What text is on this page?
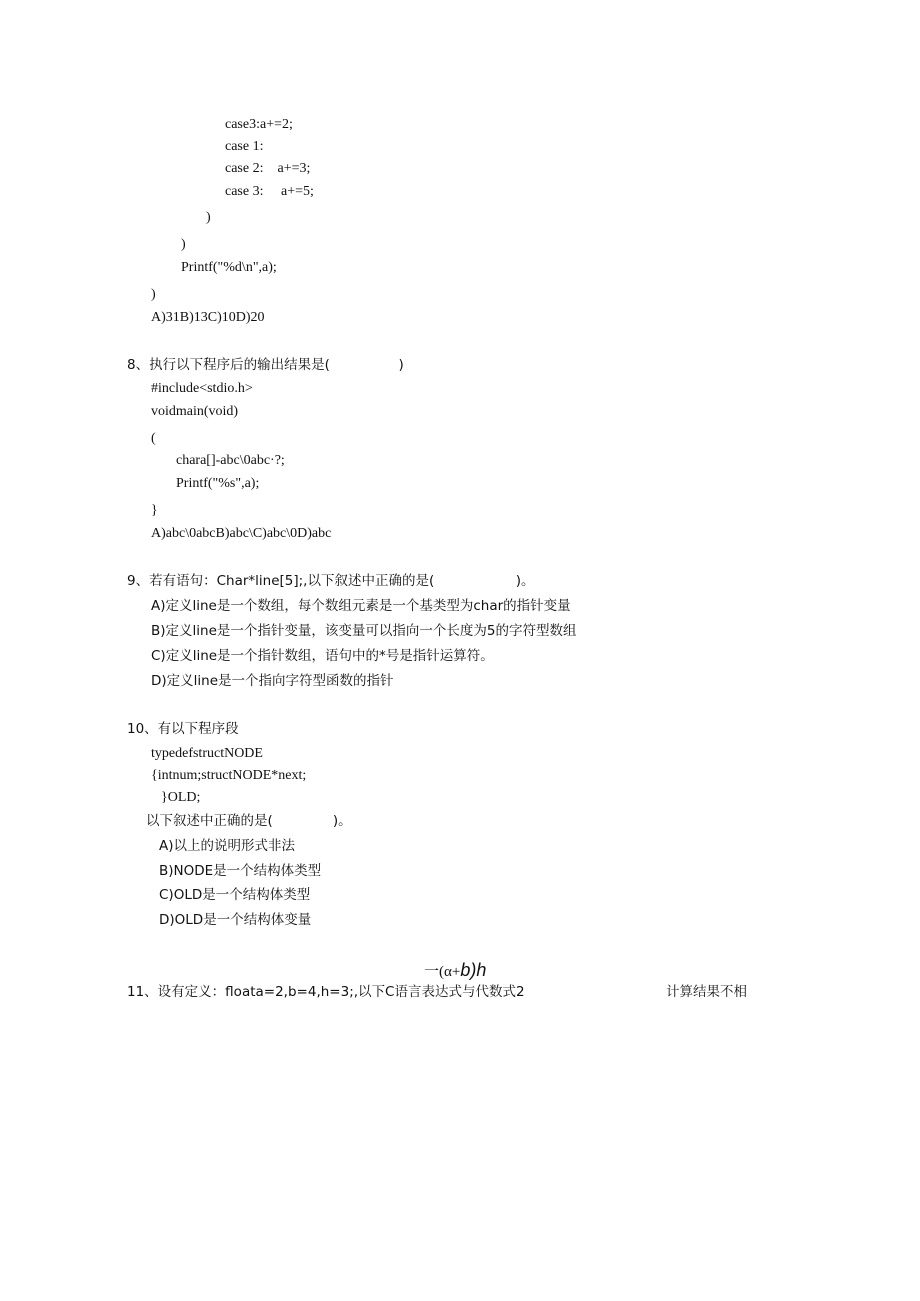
case3:a+=2;
case 1:
case 2:    a+=3;
case 3:     a+=5;
)
)
Printf("%d\n",a);
)
A)31B)13C)10D)20
8、执行以下程序后的输出结果是(                )
#include<stdio.h>
voidmain(void)
(
chara[]-abc\0abc·?;
Printf("%s",a);
}
A)abc\0abcB)abc\C)abc\0D)abc
9、若有语句：Char*line[5];,以下叙述中正确的是(                   )。
A)定义line是一个数组，每个数组元素是一个基类型为char的指针变量
B)定义line是一个指针变量，该变量可以指向一个长度为5的字符型数组
C)定义line是一个指针数组，语句中的*号是指针运算符。
D)定义line是一个指向字符型函数的指针
10、有以下程序段
typedefstructNODE
{intnum;structNODE*next;
}OLD;
以下叙述中正确的是(              )。
A)以上的说明形式非法
B)NODE是一个结构体类型
C)OLD是一个结构体类型
D)OLD是一个结构体变量
一(α+b)h
11、设有定义：floata=2,b=4,h=3;,以下C语言表达式与代数式2	计算结果不相
